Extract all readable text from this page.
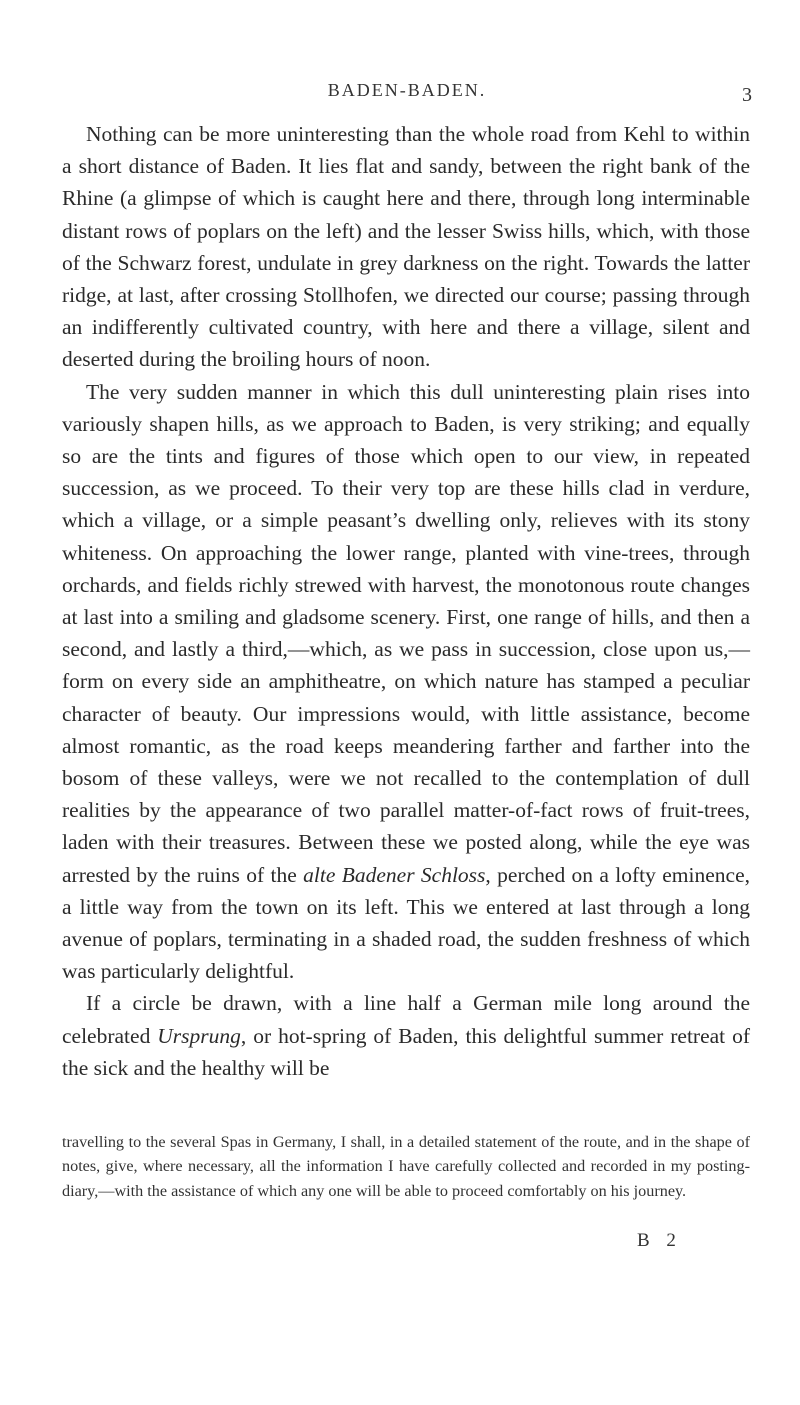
BADEN-BADEN.	3

Nothing can be more uninteresting than the whole road from Kehl to within a short distance of Baden. It lies flat and sandy, between the right bank of the Rhine (a glimpse of which is caught here and there, through long interminable distant rows of poplars on the left) and the lesser Swiss hills, which, with those of the Schwarz forest, undulate in grey darkness on the right. Towards the latter ridge, at last, after crossing Stollhofen, we directed our course; passing through an indifferently cultivated country, with here and there a village, silent and deserted during the broiling hours of noon.

The very sudden manner in which this dull uninteresting plain rises into variously shapen hills, as we approach to Baden, is very striking; and equally so are the tints and figures of those which open to our view, in repeated succession, as we proceed. To their very top are these hills clad in verdure, which a village, or a simple peasant’s dwelling only, relieves with its stony whiteness. On approaching the lower range, planted with vine-trees, through orchards, and fields richly strewed with harvest, the monotonous route changes at last into a smiling and gladsome scenery. First, one range of hills, and then a second, and lastly a third,—which, as we pass in succession, close upon us,—form on every side an amphitheatre, on which nature has stamped a peculiar character of beauty. Our impressions would, with little assistance, become almost romantic, as the road keeps meandering farther and farther into the bosom of these valleys, were we not recalled to the contemplation of dull realities by the appearance of two parallel matter-of-fact rows of fruit-trees, laden with their treasures. Between these we posted along, while the eye was arrested by the ruins of the alte Badener Schloss, perched on a lofty eminence, a little way from the town on its left. This we entered at last through a long avenue of poplars, terminating in a shaded road, the sudden freshness of which was particularly delightful.

If a circle be drawn, with a line half a German mile long around the celebrated Ursprung, or hot-spring of Baden, this delightful summer retreat of the sick and the healthy will be

travelling to the several Spas in Germany, I shall, in a detailed statement of the route, and in the shape of notes, give, where necessary, all the information I have carefully collected and recorded in my posting-diary,—with the assistance of which any one will be able to proceed comfortably on his journey.
B 2
